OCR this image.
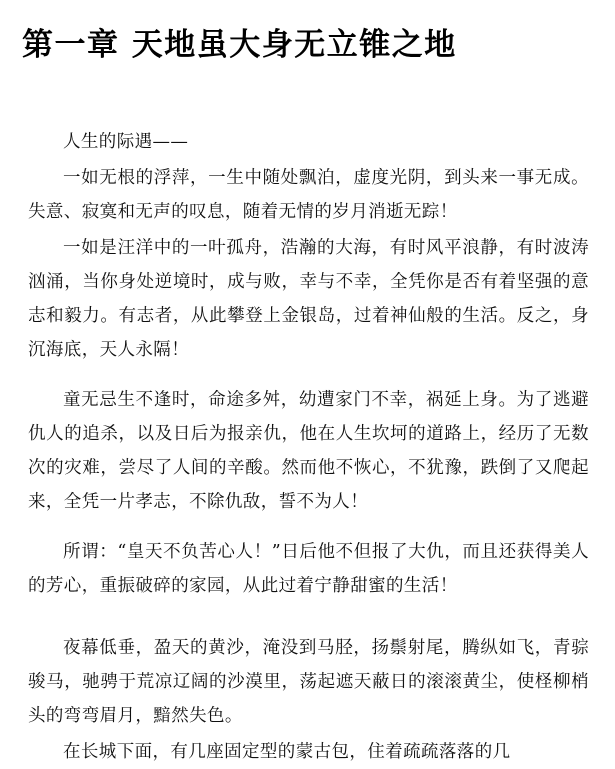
第一章 天地虽大身无立锥之地

人生的际遇——

一如无根的浮萍，一生中随处飘泊，虚度光阴，到头来一事无成。失意、寂寞和无声的叹息，随着无情的岁月消逝无踪！

一如是汪洋中的一叶孤舟，浩瀚的大海，有时风平浪静，有时波涛汹涌，当你身处逆境时，成与败，幸与不幸，全凭你是否有着坚强的意志和毅力。有志者，从此攀登上金银岛，过着神仙般的生活。反之，身沉海底，天人永隔！

童无忌生不逢时，命途多舛，幼遭家门不幸，祸延上身。为了逃避仇人的追杀，以及日后为报亲仇，他在人生坎坷的道路上，经历了无数次的灾难，尝尽了人间的辛酸。然而他不恢心，不犹豫，跌倒了又爬起来，全凭一片孝志，不除仇敌，誓不为人！

所谓：“皇天不负苦心人！”日后他不但报了大仇，而且还获得美人的芳心，重振破碎的家园，从此过着宁静甜蜜的生活！

夜幕低垂，盈天的黄沙，淹没到马胫，扬鬃射尾，腾纵如飞，青骔骏马，驰骋于荒凉辽阔的沙漠里，荡起遮天蔽日的滚滚黄尘，使柽柳梢头的弯弯眉月，黯然失色。

在长城下面，有几座固定型的蒙古包，住着疏疏落落的几
